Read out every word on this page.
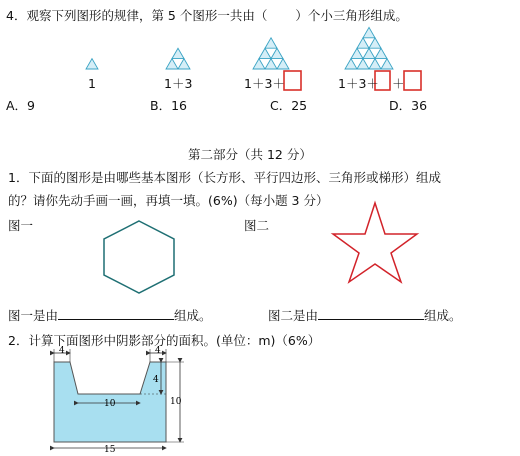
4．观察下列图形的规律，第 5 个图形一共由（ ）个小三角形组成。
1	1＋3	1＋3＋	1＋3＋ ＋
A．9	B．16	C．25	D．36
第二部分（共 12 分）
1．下面的图形是由哪些基本图形（长方形、平行四边形、三角形或梯形）组成
的？请你先动手画一画，再填一填。(6%)（每小题 3 分）
图一	图二
图一是由	组成。	图二是由	组成。
2．计算下面图形中阴影部分的面积。(单位：m)（6%）
4	4
4
10	10
15
